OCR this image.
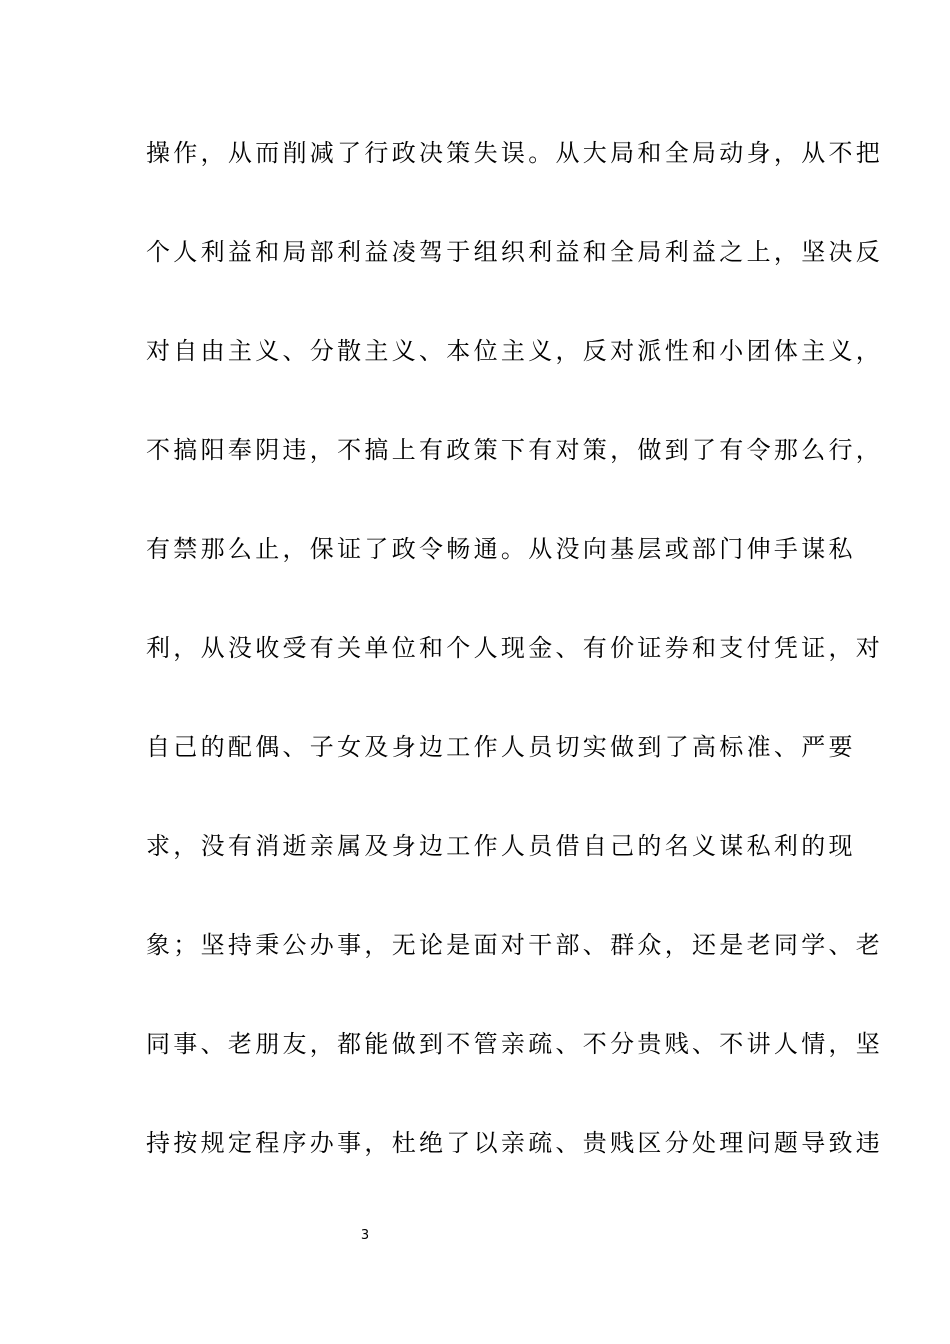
操作，从而削减了行政决策失误。从大局和全局动身，从不把
个人利益和局部利益凌驾于组织利益和全局利益之上，坚决反
对自由主义、分散主义、本位主义，反对派性和小团体主义，
不搞阳奉阴违，不搞上有政策下有对策，做到了有令那么行，
有禁那么止，保证了政令畅通。从没向基层或部门伸手谋私
利，从没收受有关单位和个人现金、有价证券和支付凭证，对
自己的配偶、子女及身边工作人员切实做到了高标准、严要
求，没有消逝亲属及身边工作人员借自己的名义谋私利的现
象；坚持秉公办事，无论是面对干部、群众，还是老同学、老
同事、老朋友，都能做到不管亲疏、不分贵贱、不讲人情，坚
持按规定程序办事，杜绝了以亲疏、贵贱区分处理问题导致违
3
